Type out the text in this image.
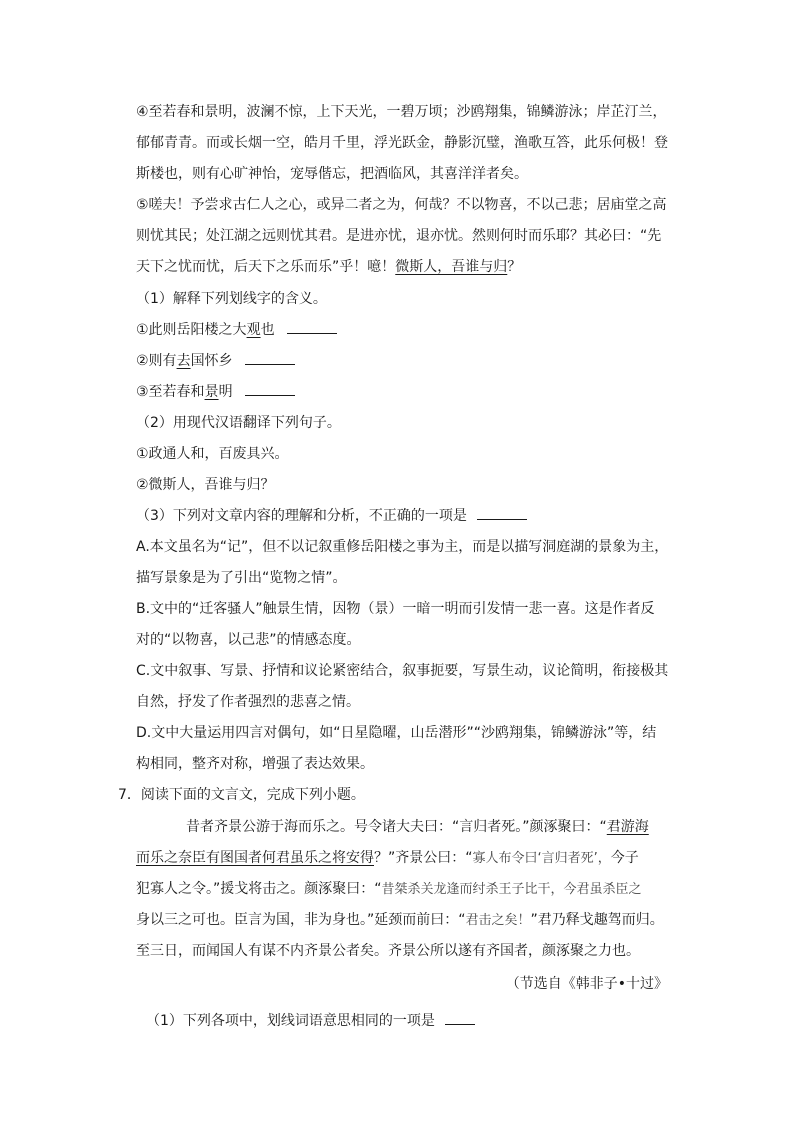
④至若春和景明，波澜不惊，上下天光，一碧万顷；沙鸥翔集，锦鳞游泳；岸芷汀兰，
郁郁青青。而或长烟一空，皓月千里，浮光跃金，静影沉璧，渔歌互答，此乐何极！登
斯楼也，则有心旷神怡，宠辱偕忘，把酒临风，其喜洋洋者矣。
⑤嗟夫！予尝求古仁人之心，或异二者之为，何哉？不以物喜，不以己悲；居庙堂之高
则忧其民；处江湖之远则忧其君。是进亦忧，退亦忧。然则何时而乐耶？其必曰：“先
天下之忧而忧，后天下之乐而乐”乎！噫！微斯人，吾谁与归？
（1）解释下列划线字的含义。
①此则岳阳楼之大观也
②则有去国怀乡
③至若春和景明
（2）用现代汉语翻译下列句子。
①政通人和，百废具兴。
②微斯人，吾谁与归？
（3）下列对文章内容的理解和分析，不正确的一项是
A.本文虽名为“记”，但不以记叙重修岳阳楼之事为主，而是以描写洞庭湖的景象为主，
描写景象是为了引出“览物之情”。
B.文中的“迁客骚人”触景生情，因物（景）一暗一明而引发情一悲一喜。这是作者反
对的“以物喜，以己悲”的情感态度。
C.文中叙事、写景、抒情和议论紧密结合，叙事扼要，写景生动，议论简明，衔接极其
自然，抒发了作者强烈的悲喜之情。
D.文中大量运用四言对偶句，如“日星隐曜，山岳潜形”“沙鸥翔集，锦鳞游泳”等，结
构相同，整齐对称，增强了表达效果。
7．阅读下面的文言文，完成下列小题。
昔者齐景公游于海而乐之。号令诸大夫曰：“言归者死。”颜涿聚曰：“君游海
而乐之奈臣有图国者何君虽乐之将安得？”齐景公曰：“寡人布令曰‘言归者死’，今子
犯寡人之令。”援戈将击之。颜涿聚曰：“昔桀杀关龙逢而纣杀王子比干，今君虽杀臣之
身以三之可也。臣言为国，非为身也。”延颈而前曰：“君击之矣！”君乃释戈趣驾而归。
至三日，而闻国人有谋不内齐景公者矣。齐景公所以遂有齐国者，颜涿聚之力也。
（节选自《韩非子•十过》
（1）下列各项中，划线词语意思相同的一项是
